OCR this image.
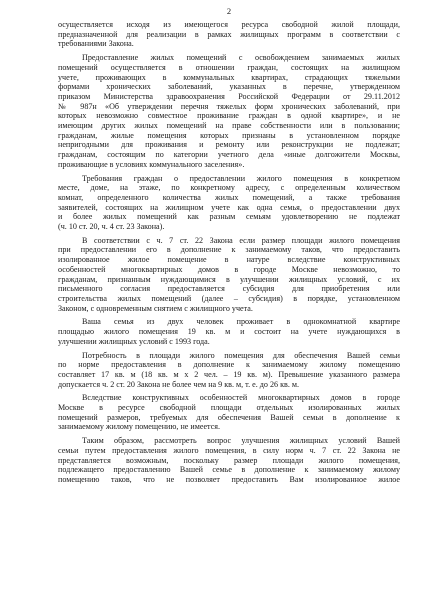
2
осуществляется исходя из имеющегося ресурса свободной жилой площади,
предназначенной для реализации в рамках жилищных программ в соответствии с
требованиями Закона.
Предоставление жилых помещений с освобождением занимаемых жилых
помещений осуществляется в отношении граждан, состоящих на жилищном
учете, проживающих в коммунальных квартирах, страдающих тяжелыми
формами хронических заболеваний, указанных в перечне, утвержденном
приказом Министерства здравоохранения Российской Федерации от 29.11.2012
№ 987н «Об утверждении перечня тяжелых форм хронических заболеваний, при
которых невозможно совместное проживание граждан в одной квартире», и не
имеющим других жилых помещений на праве собственности или в пользовании;
гражданам, жилые помещения которых признаны в установленном порядке
непригодными для проживания и ремонту или реконструкции не подлежат;
гражданам, состоящим по категории учетного дела «иные долгожители Москвы,
проживающие в условиях коммунального заселения».
Требования граждан о предоставлении жилого помещения в конкретном
месте, доме, на этаже, по конкретному адресу, с определенным количеством
комнат, определенного количества жилых помещений, а также требования
заявителей, состоящих на жилищном учете как одна семья, о предоставлении двух
и более жилых помещений как разным семьям удовлетворению не подлежат
(ч. 10 ст. 20, ч. 4 ст. 23 Закона).
В соответствии с ч. 7 ст. 22 Закона если размер площади жилого помещения
при предоставлении его в дополнение к занимаемому таков, что предоставить
изолированное жилое помещение в натуре вследствие конструктивных
особенностей многоквартирных домов в городе Москве невозможно, то
гражданам, признанным нуждающимися в улучшении жилищных условий, с их
письменного согласия предоставляется субсидия для приобретения или
строительства жилых помещений (далее – субсидия) в порядке, установленном
Законом, с одновременным снятием с жилищного учета.
Ваша семья из двух человек проживает в однокомнатной квартире
площадью жилого помещения 19 кв. м и состоит на учете нуждающихся в
улучшении жилищных условий с 1993 года.
Потребность в площади жилого помещения для обеспечения Вашей семьи
по норме предоставления в дополнение к занимаемому жилому помещению
составляет 17 кв. м (18 кв. м х 2 чел. – 19 кв. м). Превышение указанного размера
допускается ч. 2 ст. 20 Закона не более чем на 9 кв. м, т. е. до 26 кв. м.
Вследствие конструктивных особенностей многоквартирных домов в городе
Москве в ресурсе свободной площади отдельных изолированных жилых
помещений размеров, требуемых для обеспечения Вашей семьи в дополнение к
занимаемому жилому помещению, не имеется.
Таким образом, рассмотреть вопрос улучшения жилищных условий Вашей
семьи путем предоставления жилого помещения, в силу норм ч. 7 ст. 22 Закона не
представляется возможным, поскольку размер площади жилого помещения,
подлежащего предоставлению Вашей семье в дополнение к занимаемому жилому
помещению таков, что не позволяет предоставить Вам изолированное жилое
